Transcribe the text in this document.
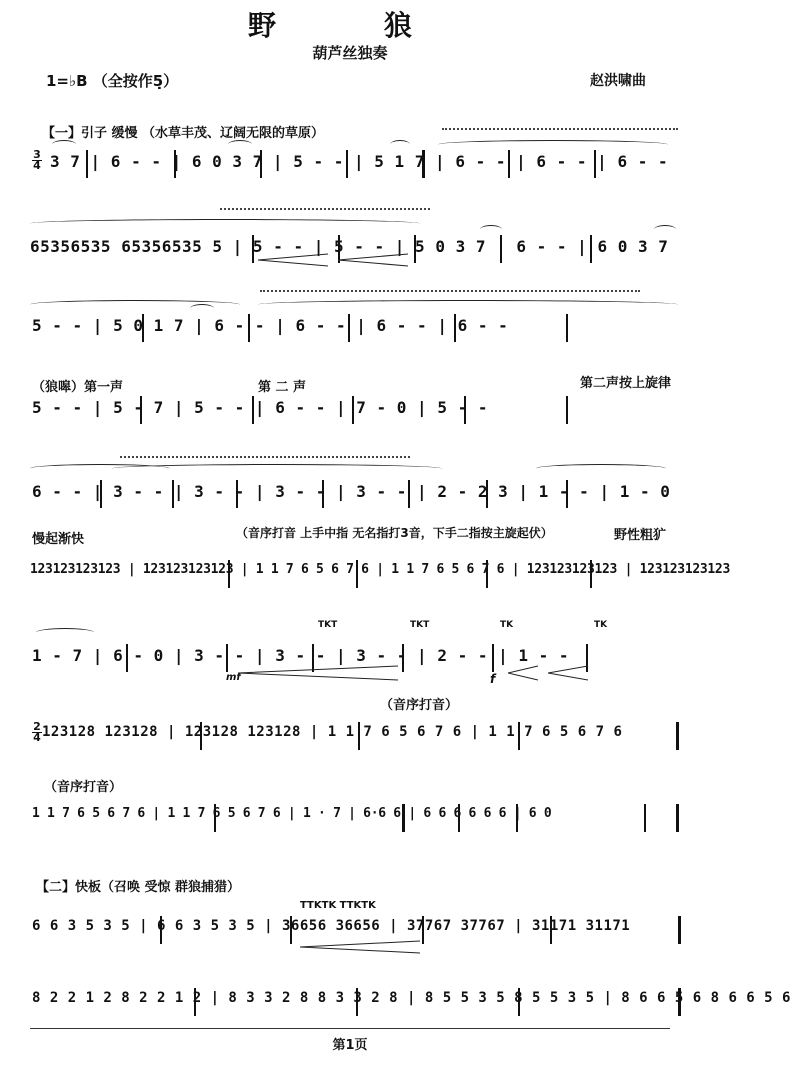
野　狼
葫芦丝独奏
1=♭B （全按作5̣）	赵洪啸曲
【一】引子 缓慢 （水草丰茂、辽阔无限的草原）
3
4 3 7 | 6 - - | 6 0 3 7 | 5 - - | 5 1 7 | 6 - - | 6 - - | 6 - -
65356535 65356535 5 | 5 - - | 5 - - | 5 0 3 7 | 6 - - | 6 0 3 7
5 - - | 5 0 1 7 | 6 - - | 6 - - | 6 - - | 6 - -
（狼嗥）第一声	第 二 声	第二声按上旋律
5 - - | 5 - 7 | 5 - - | 6 - - | 7 - 0 | 5 - -
6 - - | 3 - - | 3 - - | 3 - - | 3 - - | 2 - 2 3 | 1 - - | 1 - 0
慢起渐快	（音序打音 上手中指 无名指打3音，下手二指按主旋起伏）	野性粗犷
123123123123 | 123123123123 | 1 1 7 6 5 6 7 6 | 1 1 7 6 5 6 7 6 | 123123123123 | 123123123123
1 - 7 | 6 - 0 | 3 - - | 3 - - | 3 - - | 2 - - | 1 - -
TKT	TKT	TK	TK
mf	f
（音序打音）
2
4 123128 123128 | 123128 123128 | 1 1 7 6 5 6 7 6 | 1 1 7 6 5 6 7 6
（音序打音）
1 1 7 6 5 6 7 6 | 1 1 7 6 5 6 7 6 | 1 · 7 | 6·6 6 | 6 6 6 6 6 6 | 6 0
【二】快板（召唤 受惊 群狼捕猎）
TTKTK TTKTK
6 6 3 5 3 5 | 6 6 3 5 3 5 | 36656 36656 | 37767 37767 | 31171 31171
8 2 2 1 2 8 2 2 1 2 | 8 3 3 2 8 8 3 3 2 8 | 8 5 5 3 5 8 5 5 3 5 | 8 6 6 5 6 8 6 6 5 6
第1页
